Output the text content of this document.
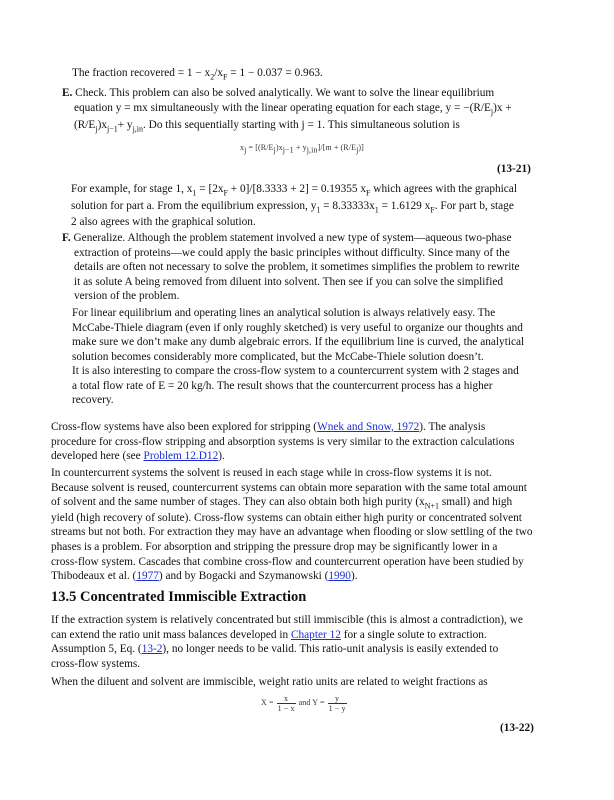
The fraction recovered = $1 - x_2/x_F = 1 - 0.037 = 0.963$.

E. Check. This problem can also be solved analytically. We want to solve the linear equilibrium

equation y = mx simultaneously with the linear operating equation for each stage, $y = -(R/E_j)x$ +

$(R/E_j)x_{j-1}+ y_{j,in}$. Do this sequentially starting with j = 1. This simultaneous solution is

$x_j = [(R/E_j)x_{j-1} + y_{j,in}]/[m + (R/E_j)]$
(13-21)

For example, for stage 1, $x_1 = [2x_F + 0]/[8.3333 + 2] = 0.19355$ $x_F$ which agrees with the graphical

solution for part a. From the equilibrium expression, $y_1 = 8.33333x_1 = 1.6129$ $x_F$. For part b, stage

2 also agrees with the graphical solution.

F. Generalize. Although the problem statement involved a new type of system—aqueous two-phase

extraction of proteins—we could apply the basic principles without difficulty. Since many of the

details are often not necessary to solve the problem, it sometimes simplifies the problem to rewrite

it as solute A being removed from diluent into solvent. Then see if you can solve the simplified

version of the problem.

For linear equilibrium and operating lines an analytical solution is always relatively easy. The

McCabe-Thiele diagram (even if only roughly sketched) is very useful to organize our thoughts and

make sure we don’t make any dumb algebraic errors. If the equilibrium line is curved, the analytical

solution becomes considerably more complicated, but the McCabe-Thiele solution doesn’t.

It is also interesting to compare the cross-flow system to a countercurrent system with 2 stages and

a total flow rate of E = 20 kg/h. The result shows that the countercurrent process has a higher

recovery.

Cross-flow systems have also been explored for stripping (Wnek and Snow, 1972). The analysis

procedure for cross-flow stripping and absorption systems is very similar to the extraction calculations

developed here (see Problem 12.D12).

In countercurrent systems the solvent is reused in each stage while in cross-flow systems it is not.

Because solvent is reused, countercurrent systems can obtain more separation with the same total amount

of solvent and the same number of stages. They can also obtain both high purity ($x_{N+1}$ small) and high

yield (high recovery of solute). Cross-flow systems can obtain either high purity or concentrated solvent

streams but not both. For extraction they may have an advantage when flooding or slow settling of the two

phases is a problem. For absorption and stripping the pressure drop may be significantly lower in a

cross-flow system. Cascades that combine cross-flow and countercurrent operation have been studied by

Thibodeaux et al. (1977) and by Bogacki and Szymanowski (1990).

13.5 Concentrated Immiscible Extraction

If the extraction system is relatively concentrated but still immiscible (this is almost a contradiction), we

can extend the ratio unit mass balances developed in Chapter 12 for a single solute to extraction.

Assumption 5, Eq. (13-2), no longer needs to be valid. This ratio-unit analysis is easily extended to

cross-flow systems.

When the diluent and solvent are immiscible, weight ratio units are related to weight fractions as

$X = \frac{x}{1 - x}$ and $Y = \frac{y}{1 - y}$
(13-22)
